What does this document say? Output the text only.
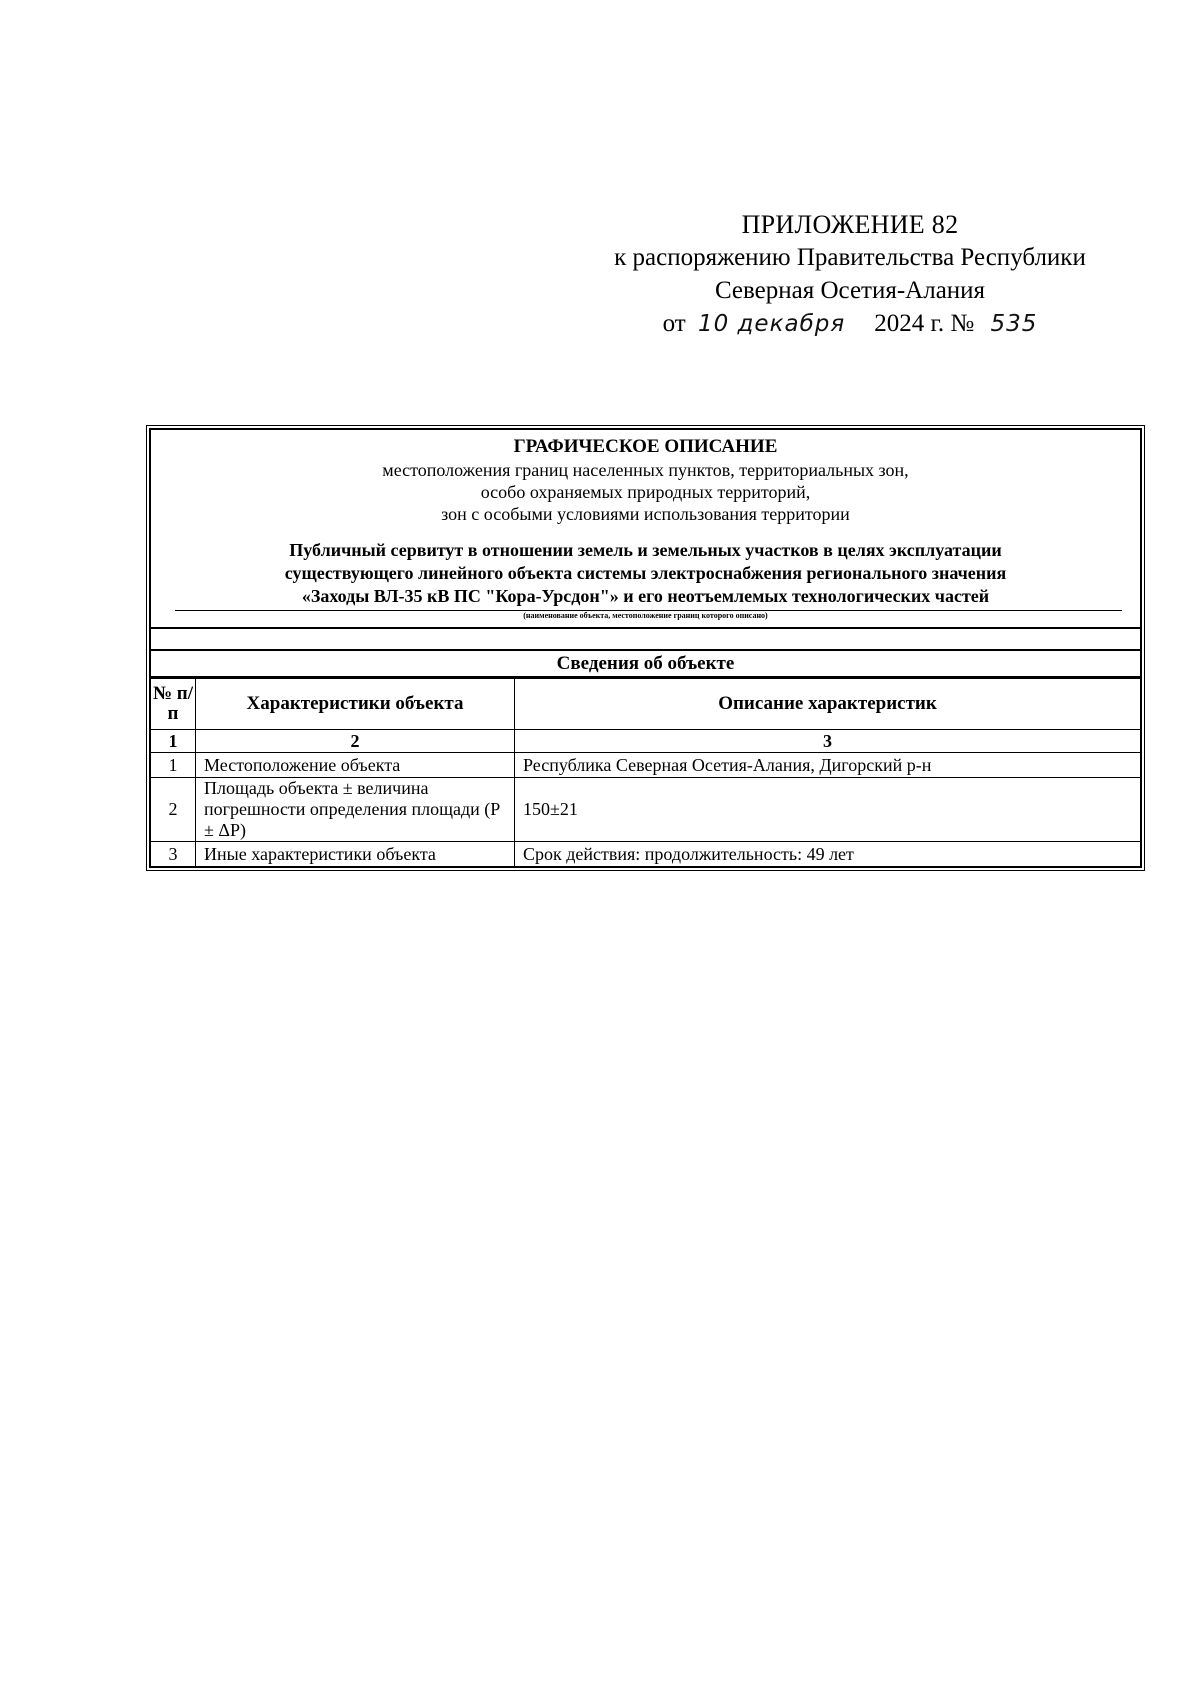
ПРИЛОЖЕНИЕ 82
к распоряжению Правительства Республики
Северная Осетия-Алания
от 10 декабря 2024 г. № 535
ГРАФИЧЕСКОЕ ОПИСАНИЕ
местоположения границ населенных пунктов, территориальных зон,
особо охраняемых природных территорий,
зон с особыми условиями использования территории
Публичный сервитут в отношении земель и земельных участков в целях эксплуатации
существующего линейного объекта системы электроснабжения регионального значения
«Заходы ВЛ-35 кВ ПС "Кора-Урсдон"» и его неотъемлемых технологических частей
(наименование объекта, местоположение границ которого описано)
Сведения об объекте
№ п/п	Характеристики объекта	Описание характеристик
1	2	3
1	Местоположение объекта	Республика Северная Осетия-Алания, Дигорский р-н
2	Площадь объекта ± величина погрешности определения площади (Р ± ΔР)	150±21
3	Иные характеристики объекта	Срок действия: продолжительность: 49 лет
